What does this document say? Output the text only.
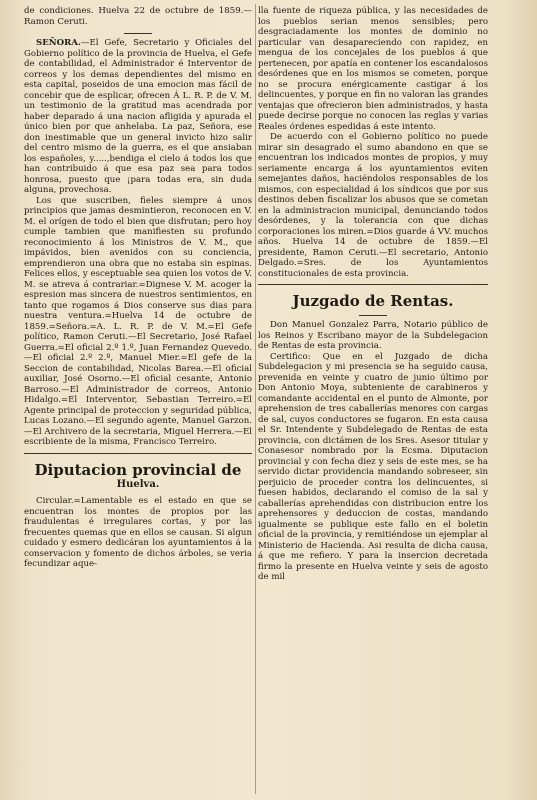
de condiciones. Huelva 22 de octubre de 1859.—Ramon Ceruti.

SEÑORA.—El Gefe, Secretario y Oficiales del Gobierno político de la provincia de Huelva, el Gefe de contabilidad, el Administrador é Interventor de correos y los demas dependientes del mismo en esta capital, poseidos de una emocion mas fácil de concebir que de esplicar, ofrecen Á L. R. P. de V. M. un testimonio de la gratitud mas acendrada por haber deparado á una nacion afligida y apurada el único bien por que anhelaba. La paz, Señora, ese don inestimable que un general invicto hizo salir del centro mismo de la guerra, es el que ansiaban los españoles, y.....,bendiga el cielo á todos los que han contribuido á que esa paz sea para todos honrosa, puesto que ¡para todas era, sin duda alguna, provechosa.

Los que suscriben, fieles siempre á unos principios que jamas desmintieron, reconocen en V. M. el orígen de todo el bien que disfrutan; pero hoy cumple tambien que manifiesten su profundo reconocimiento á los Ministros de V. M., que impávidos, bien avenidos con su conciencia, emprendieron una obra que no estaba sin espinas. Felices ellos, y esceptuable sea quien los votos de V. M. se atreva á contrariar.=Dignese V. M. acoger la espresion mas sincera de nuestros sentimientos, en tanto que rogamos á Dios conserve sus dias para nuestra ventura.=Huelva 14 de octubre de 1859.=Señora.=A. L. R. P. de V. M.=El Gefe político, Ramon Ceruti.—El Secretario, José Rafael Guerra.=El oficial 2.º 1.º, Juan Fernandez Quevedo.—El oficial 2.º 2.º, Manuel Mier.=El gefe de la Seccion de contabilidad, Nicolas Barea.—El oficial auxiliar, José Osorno.—El oficial cesante, Antonio Barroso.—El Administrador de correos, Antonio Hidalgo.=El Interventor, Sebastian Terreiro.=El Agente principal de proteccion y seguridad pública, Lucas Lozano.—El segundo agente, Manuel Garzon.—El Archivero de la secretaria, Miguel Herrera.—El escribiente de la misma, Francisco Terreiro.

Diputacion provincial de
Huelva.

Circular.=Lamentable es el estado en que se encuentran los montes de propios por las fraudulentas é irregulares cortas, y por las frecuentes quemas que en ellos se causan. Si algun cuidado y esmero dedicáran los ayuntamientos á la conservacion y fomento de dichos árboles, se veria fecundizar aque-

lla fuente de riqueza pública, y las necesidades de los pueblos serian menos sensibles; pero desgraciadamente los montes de dominio no particular van desapareciendo con rapidez, en mengua de los concejales de los pueblos á que pertenecen, por apatía en contener los escandalosos desórdenes que en los mismos se cometen, porque no se procura enérgicamente castigar á los delincuentes, y porque en fin no valoran las grandes ventajas que ofrecieron bien administrados, y hasta puede decirse porque no conocen las reglas y varias Reales órdenes espedidas á este intento.

De acuerdo con el Gobierno político no puede mirar sin desagrado el sumo abandono en que se encuentran los indicados montes de propios, y muy seriamente encarga á los ayuntamientos eviten semejantes daños, haciéndolos responsables de los mismos, con especialidad á los síndicos que por sus destinos deben fiscalizar los abusos que se cometan en la administracion municipal, denunciando todos desórdenes, y la tolerancia con que dichas corporaciones los miren.=Dios guarde á VV. muchos años. Huelva 14 de octubre de 1859.—El presidente, Ramon Ceruti.—El secretario, Antonio Delgado.=Sres. de los Ayuntamientos constitucionales de esta provincia.

Juzgado de Rentas.

Don Manuel Gonzalez Parra, Notario público de los Reinos y Escribano mayor de la Subdelegacion de Rentas de esta provincia.

Certifico: Que en el Juzgado de dicha Subdelegacion y mi presencia se ha seguido causa, prevenida en veinte y cuatro de junio último por Don Antonio Moya, subteniente de carabineros y comandante accidental en el punto de Almonte, por aprehension de tres caballerías menores con cargas de sal, cuyos conductores se fugaron. En esta causa el Sr. Intendente y Subdelegado de Rentas de esta provincia, con dictámen de los Sres. Asesor titular y Conasesor nombrado por la Ecsma. Diputacion provincial y con fecha diez y seis de este mes, se ha servido dictar providencia mandando sobreseer, sin perjuicio de proceder contra los delincuentes, si fuesen habidos, declarando el comiso de la sal y caballerías aprehendidas con distribucion entre los aprehensores y deduccion de costas, mandando igualmente se publique este fallo en el boletin oficial de la provincia, y remitiéndose un ejemplar al Ministerio de Hacienda. Asi resulta de dicha causa, á que me refiero. Y para la insercion decretada firmo la presente en Huelva veinte y seis de agosto de mil
